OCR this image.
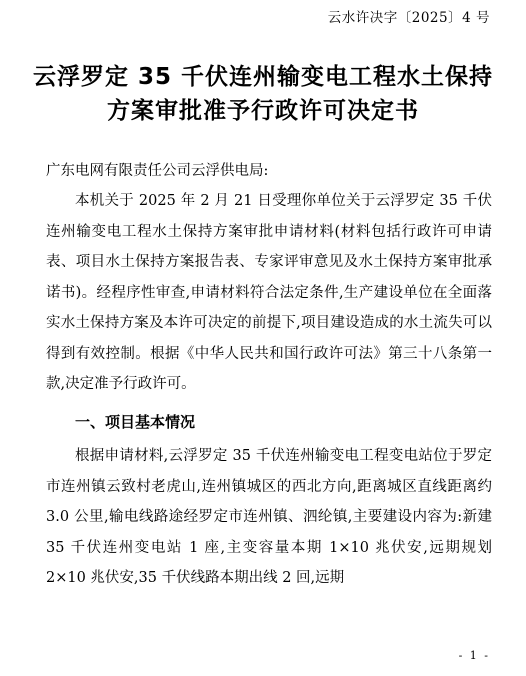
云水许决字〔2025〕4 号
云浮罗定 35 千伏连州输变电工程水土保持
方案审批准予行政许可决定书
广东电网有限责任公司云浮供电局:
本机关于 2025 年 2 月 21 日受理你单位关于云浮罗定 35 千伏连州输变电工程水土保持方案审批申请材料(材料包括行政许可申请表、项目水土保持方案报告表、专家评审意见及水土保持方案审批承诺书)。经程序性审查,申请材料符合法定条件,生产建设单位在全面落实水土保持方案及本许可决定的前提下,项目建设造成的水土流失可以得到有效控制。根据《中华人民共和国行政许可法》第三十八条第一款,决定准予行政许可。
一、项目基本情况
根据申请材料,云浮罗定 35 千伏连州输变电工程变电站位于罗定市连州镇云致村老虎山,连州镇城区的西北方向,距离城区直线距离约 3.0 公里,输电线路途经罗定市连州镇、泗纶镇,主要建设内容为:新建 35 千伏连州变电站 1 座,主变容量本期 1×10 兆伏安,远期规划 2×10 兆伏安,35 千伏线路本期出线 2 回,远期
- 1 -
